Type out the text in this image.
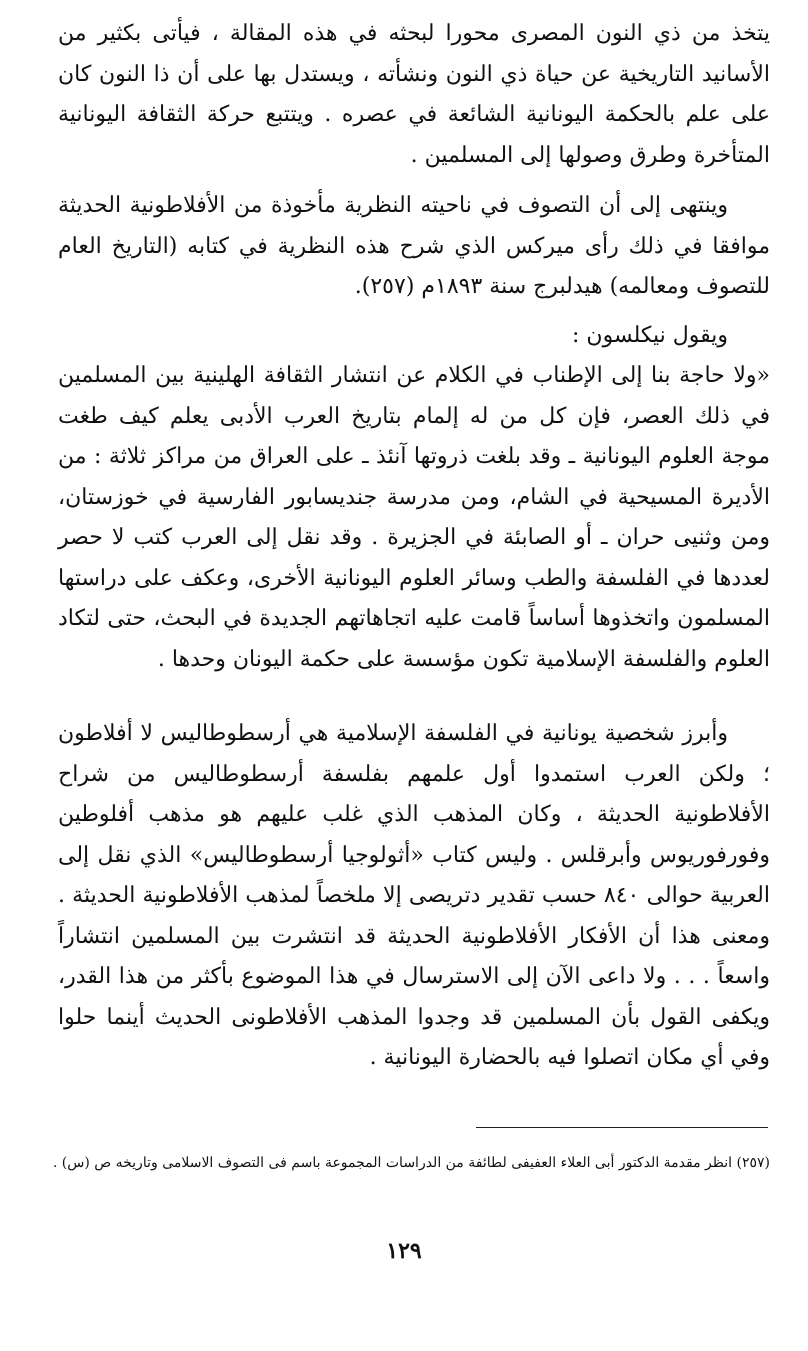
يتخذ من ذي النون المصرى محورا لبحثه في هذه المقالة ، فيأتى بكثير من الأسانيد التاريخية عن حياة ذي النون ونشأته ، ويستدل بها على أن ذا النون كان على علم بالحكمة اليونانية الشائعة في عصره . ويتتبع حركة الثقافة اليونانية المتأخرة وطرق وصولها إلى المسلمين .

وينتهى إلى أن التصوف في ناحيته النظرية مأخوذة من الأفلاطونية الحديثة موافقا في ذلك رأى ميركس الذي شرح هذه النظرية في كتابه (التاريخ العام للتصوف ومعالمه) هيدلبرج سنة ١٨٩٣م (٢٥٧).

ويقول نيكلسون :

«ولا حاجة بنا إلى الإطناب في الكلام عن انتشار الثقافة الهلينية بين المسلمين في ذلك العصر، فإن كل من له إلمام بتاريخ العرب الأدبى يعلم كيف طغت موجة العلوم اليونانية ـ وقد بلغت ذروتها آنئذ ـ على العراق من مراكز ثلاثة : من الأديرة المسيحية في الشام، ومن مدرسة جنديسابور الفارسية في خوزستان، ومن وثنيى حران ـ أو الصابئة في الجزيرة . وقد نقل إلى العرب كتب لا حصر لعددها في الفلسفة والطب وسائر العلوم اليونانية الأخرى، وعكف على دراستها المسلمون واتخذوها أساساً قامت عليه اتجاهاتهم الجديدة في البحث، حتى لتكاد العلوم والفلسفة الإسلامية تكون مؤسسة على حكمة اليونان وحدها .

وأبرز شخصية يونانية في الفلسفة الإسلامية هي أرسطوطاليس لا أفلاطون ؛ ولكن العرب استمدوا أول علمهم بفلسفة أرسطوطاليس من شراح الأفلاطونية الحديثة ، وكان المذهب الذي غلب عليهم هو مذهب أفلوطين وفورفوريوس وأبرقلس . وليس كتاب «أثولوجيا أرسطوطاليس» الذي نقل إلى العربية حوالى ٨٤٠ حسب تقدير دتريصى إلا ملخصاً لمذهب الأفلاطونية الحديثة . ومعنى هذا أن الأفكار الأفلاطونية الحديثة قد انتشرت بين المسلمين انتشاراً واسعاً . . . ولا داعى الآن إلى الاسترسال في هذا الموضوع بأكثر من هذا القدر، ويكفى القول بأن المسلمين قد وجدوا المذهب الأفلاطونى الحديث أينما حلوا وفي أي مكان اتصلوا فيه بالحضارة اليونانية .

(٢٥٧) انظر مقدمة الدكتور أبى العلاء العفيفى لطائفة من الدراسات المجموعة باسم فى التصوف الاسلامى وتاريخه ص (س) .
١٢٩
